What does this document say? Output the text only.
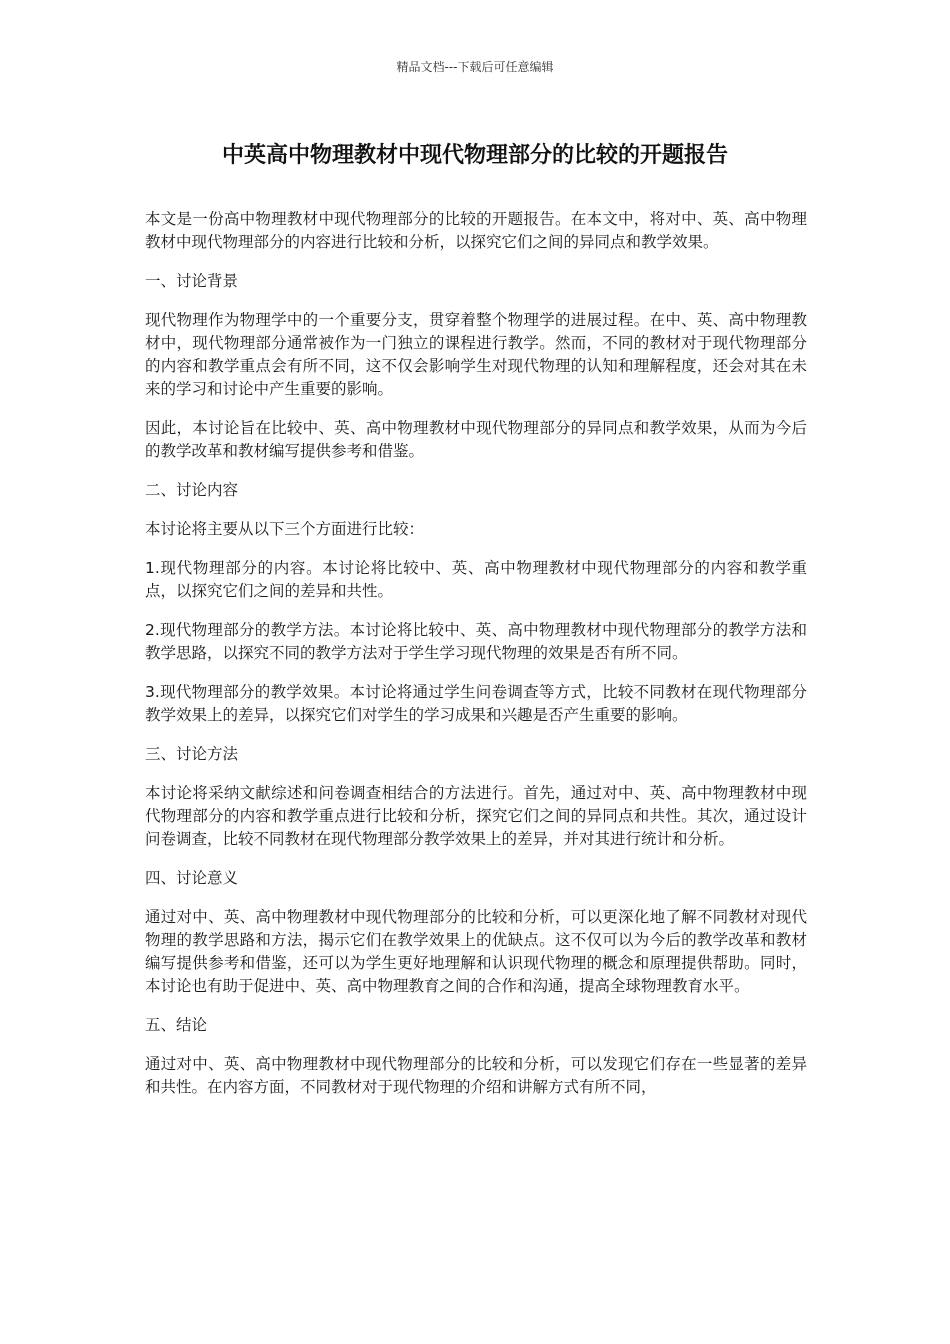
精品文档---下载后可任意编辑
中英高中物理教材中现代物理部分的比较的开题报告

本文是一份高中物理教材中现代物理部分的比较的开题报告。在本文中，将对中、英、高中物理教材中现代物理部分的内容进行比较和分析，以探究它们之间的异同点和教学效果。

一、讨论背景

现代物理作为物理学中的一个重要分支，贯穿着整个物理学的进展过程。在中、英、高中物理教材中，现代物理部分通常被作为一门独立的课程进行教学。然而，不同的教材对于现代物理部分的内容和教学重点会有所不同，这不仅会影响学生对现代物理的认知和理解程度，还会对其在未来的学习和讨论中产生重要的影响。

因此，本讨论旨在比较中、英、高中物理教材中现代物理部分的异同点和教学效果，从而为今后的教学改革和教材编写提供参考和借鉴。

二、讨论内容

本讨论将主要从以下三个方面进行比较：

1.现代物理部分的内容。本讨论将比较中、英、高中物理教材中现代物理部分的内容和教学重点，以探究它们之间的差异和共性。

2.现代物理部分的教学方法。本讨论将比较中、英、高中物理教材中现代物理部分的教学方法和教学思路，以探究不同的教学方法对于学生学习现代物理的效果是否有所不同。

3.现代物理部分的教学效果。本讨论将通过学生问卷调查等方式，比较不同教材在现代物理部分教学效果上的差异，以探究它们对学生的学习成果和兴趣是否产生重要的影响。

三、讨论方法

本讨论将采纳文献综述和问卷调查相结合的方法进行。首先，通过对中、英、高中物理教材中现代物理部分的内容和教学重点进行比较和分析，探究它们之间的异同点和共性。其次，通过设计问卷调查，比较不同教材在现代物理部分教学效果上的差异，并对其进行统计和分析。

四、讨论意义

通过对中、英、高中物理教材中现代物理部分的比较和分析，可以更深化地了解不同教材对现代物理的教学思路和方法，揭示它们在教学效果上的优缺点。这不仅可以为今后的教学改革和教材编写提供参考和借鉴，还可以为学生更好地理解和认识现代物理的概念和原理提供帮助。同时，本讨论也有助于促进中、英、高中物理教育之间的合作和沟通，提高全球物理教育水平。

五、结论

通过对中、英、高中物理教材中现代物理部分的比较和分析，可以发现它们存在一些显著的差异和共性。在内容方面，不同教材对于现代物理的介绍和讲解方式有所不同，
